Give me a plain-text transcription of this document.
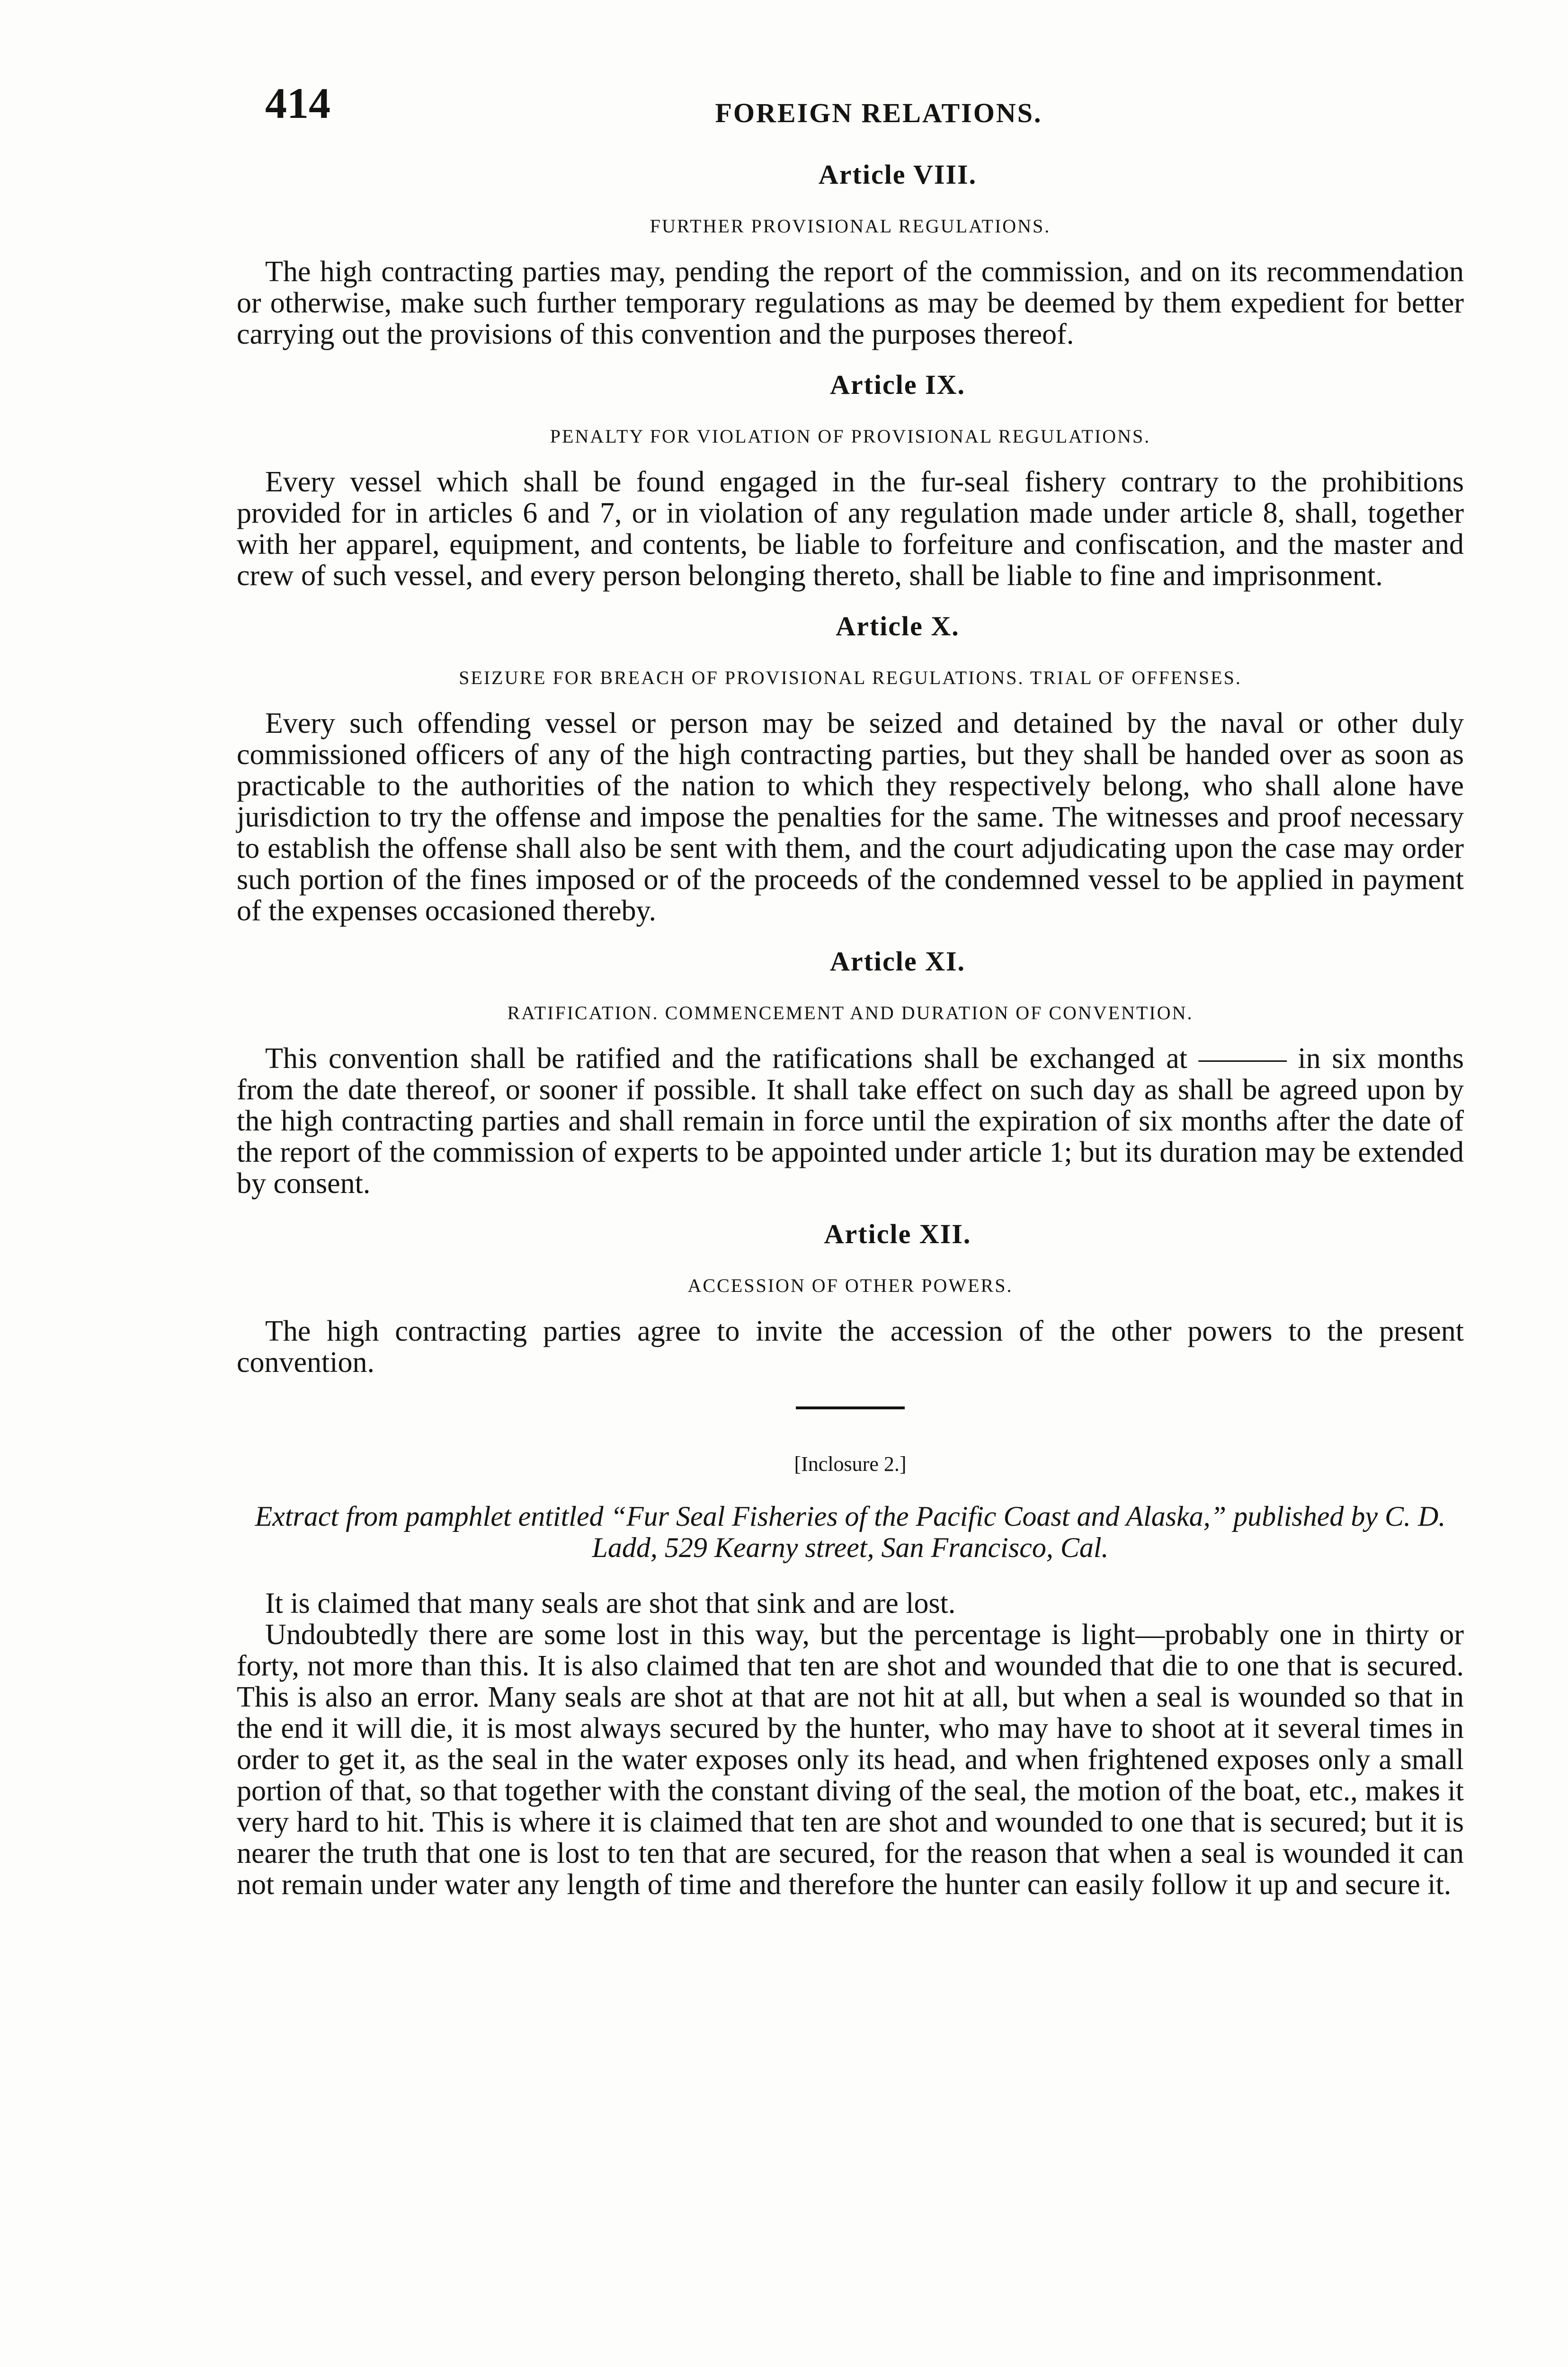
414	FOREIGN RELATIONS.
Article VIII.
FURTHER PROVISIONAL REGULATIONS.

The high contracting parties may, pending the report of the commission, and on its recommendation or otherwise, make such further temporary regulations as may be deemed by them expedient for better carrying out the provisions of this convention and the purposes thereof.

Article IX.
PENALTY FOR VIOLATION OF PROVISIONAL REGULATIONS.

Every vessel which shall be found engaged in the fur-seal fishery contrary to the prohibitions provided for in articles 6 and 7, or in violation of any regulation made under article 8, shall, together with her apparel, equipment, and contents, be liable to forfeiture and confiscation, and the master and crew of such vessel, and every person belonging thereto, shall be liable to fine and imprisonment.

Article X.
SEIZURE FOR BREACH OF PROVISIONAL REGULATIONS. TRIAL OF OFFENSES.

Every such offending vessel or person may be seized and detained by the naval or other duly commissioned officers of any of the high contracting parties, but they shall be handed over as soon as practicable to the authorities of the nation to which they respectively belong, who shall alone have jurisdiction to try the offense and impose the penalties for the same. The witnesses and proof necessary to establish the offense shall also be sent with them, and the court adjudicating upon the case may order such portion of the fines imposed or of the proceeds of the condemned vessel to be applied in payment of the expenses occasioned thereby.

Article XI.
RATIFICATION. COMMENCEMENT AND DURATION OF CONVENTION.

This convention shall be ratified and the ratifications shall be exchanged at ——— in six months from the date thereof, or sooner if possible. It shall take effect on such day as shall be agreed upon by the high contracting parties and shall remain in force until the expiration of six months after the date of the report of the commission of experts to be appointed under article 1; but its duration may be extended by consent.

Article XII.
ACCESSION OF OTHER POWERS.

The high contracting parties agree to invite the accession of the other powers to the present convention.

[Inclosure 2.]
Extract from pamphlet entitled “Fur Seal Fisheries of the Pacific Coast and Alaska,” published by C. D. Ladd, 529 Kearny street, San Francisco, Cal.

It is claimed that many seals are shot that sink and are lost.

Undoubtedly there are some lost in this way, but the percentage is light—probably one in thirty or forty, not more than this. It is also claimed that ten are shot and wounded that die to one that is secured. This is also an error. Many seals are shot at that are not hit at all, but when a seal is wounded so that in the end it will die, it is most always secured by the hunter, who may have to shoot at it several times in order to get it, as the seal in the water exposes only its head, and when frightened exposes only a small portion of that, so that together with the constant diving of the seal, the motion of the boat, etc., makes it very hard to hit. This is where it is claimed that ten are shot and wounded to one that is secured; but it is nearer the truth that one is lost to ten that are secured, for the reason that when a seal is wounded it can not remain under water any length of time and therefore the hunter can easily follow it up and secure it.
